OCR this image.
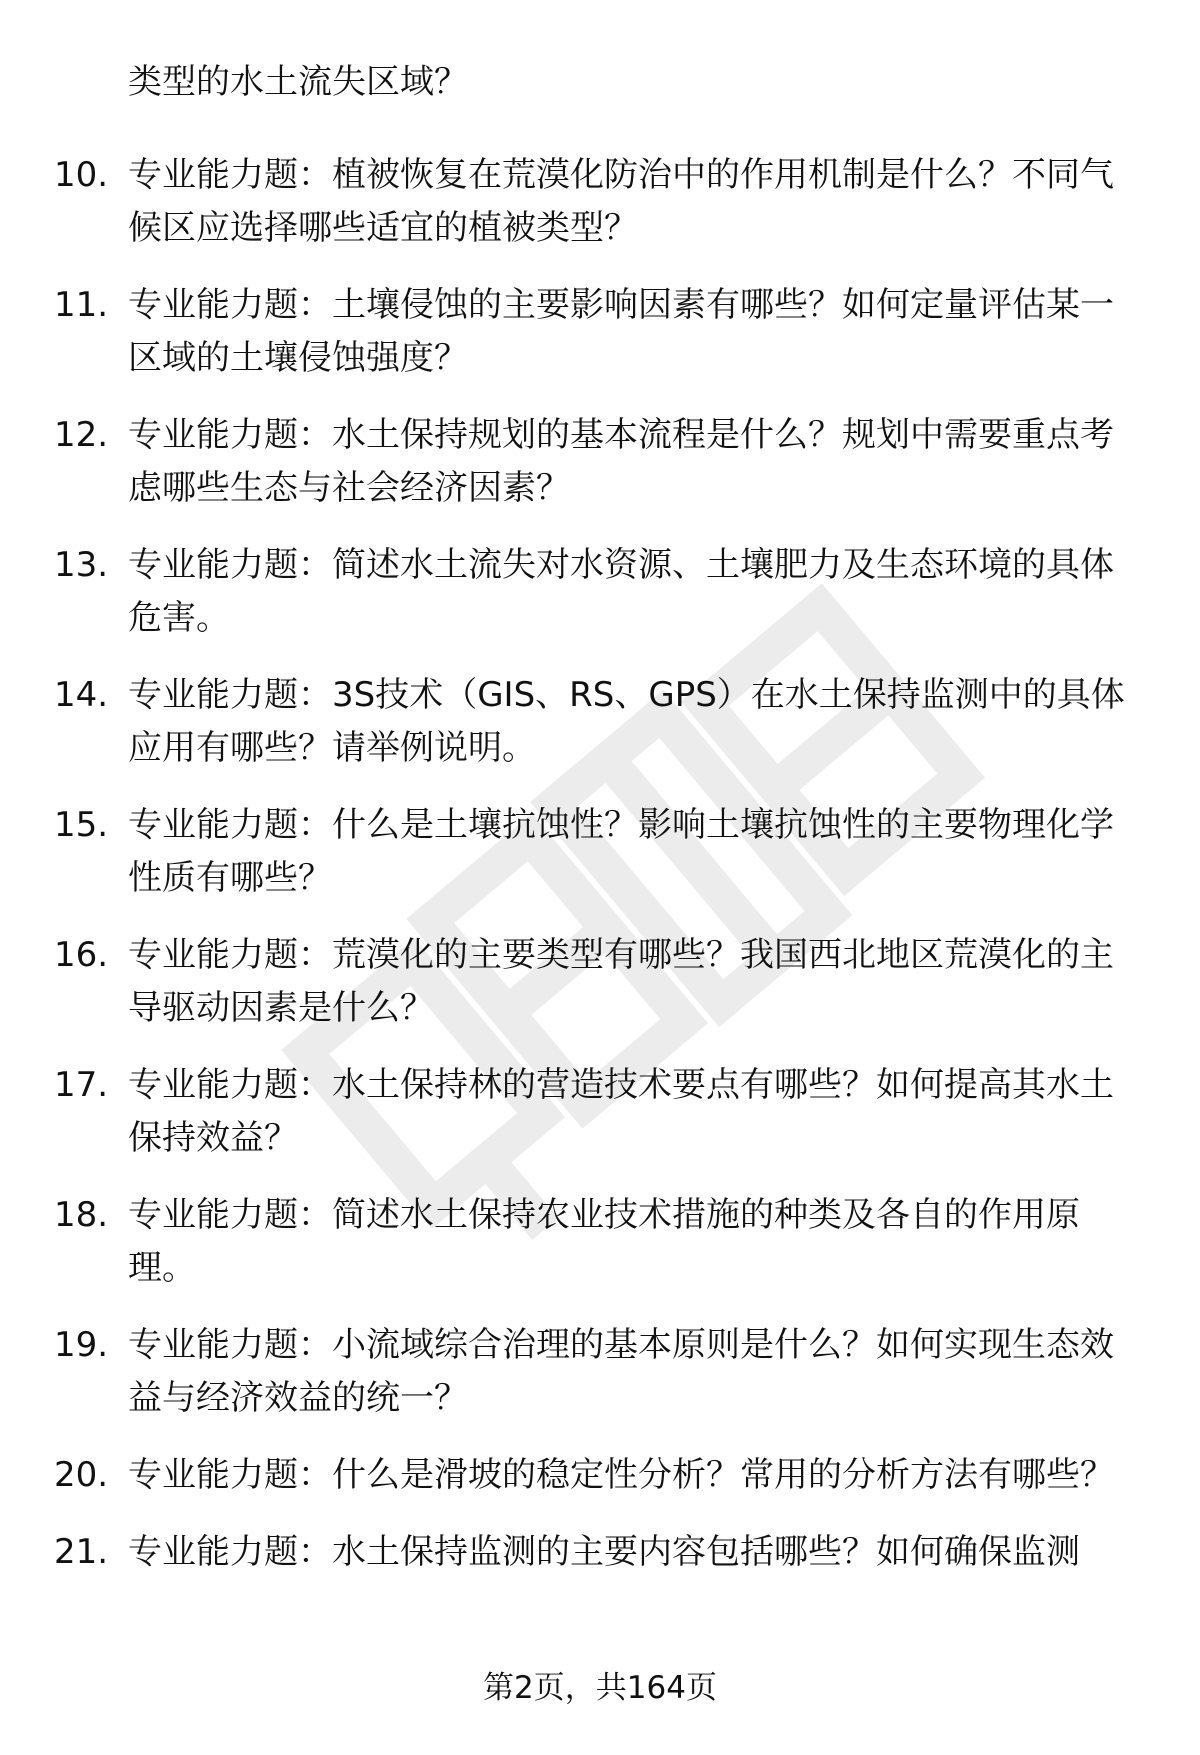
类型的水土流失区域？
10. 专业能力题：植被恢复在荒漠化防治中的作用机制是什么？不同气候区应选择哪些适宜的植被类型？
11. 专业能力题：土壤侵蚀的主要影响因素有哪些？如何定量评估某一区域的土壤侵蚀强度？
12. 专业能力题：水土保持规划的基本流程是什么？规划中需要重点考虑哪些生态与社会经济因素？
13. 专业能力题：简述水土流失对水资源、土壤肥力及生态环境的具体危害。
14. 专业能力题：3S技术（GIS、RS、GPS）在水土保持监测中的具体应用有哪些？请举例说明。
15. 专业能力题：什么是土壤抗蚀性？影响土壤抗蚀性的主要物理化学性质有哪些？
16. 专业能力题：荒漠化的主要类型有哪些？我国西北地区荒漠化的主导驱动因素是什么？
17. 专业能力题：水土保持林的营造技术要点有哪些？如何提高其水土保持效益？
18. 专业能力题：简述水土保持农业技术措施的种类及各自的作用原理。
19. 专业能力题：小流域综合治理的基本原则是什么？如何实现生态效益与经济效益的统一？
20. 专业能力题：什么是滑坡的稳定性分析？常用的分析方法有哪些？
21. 专业能力题：水土保持监测的主要内容包括哪些？如何确保监测
第2页，共164页
